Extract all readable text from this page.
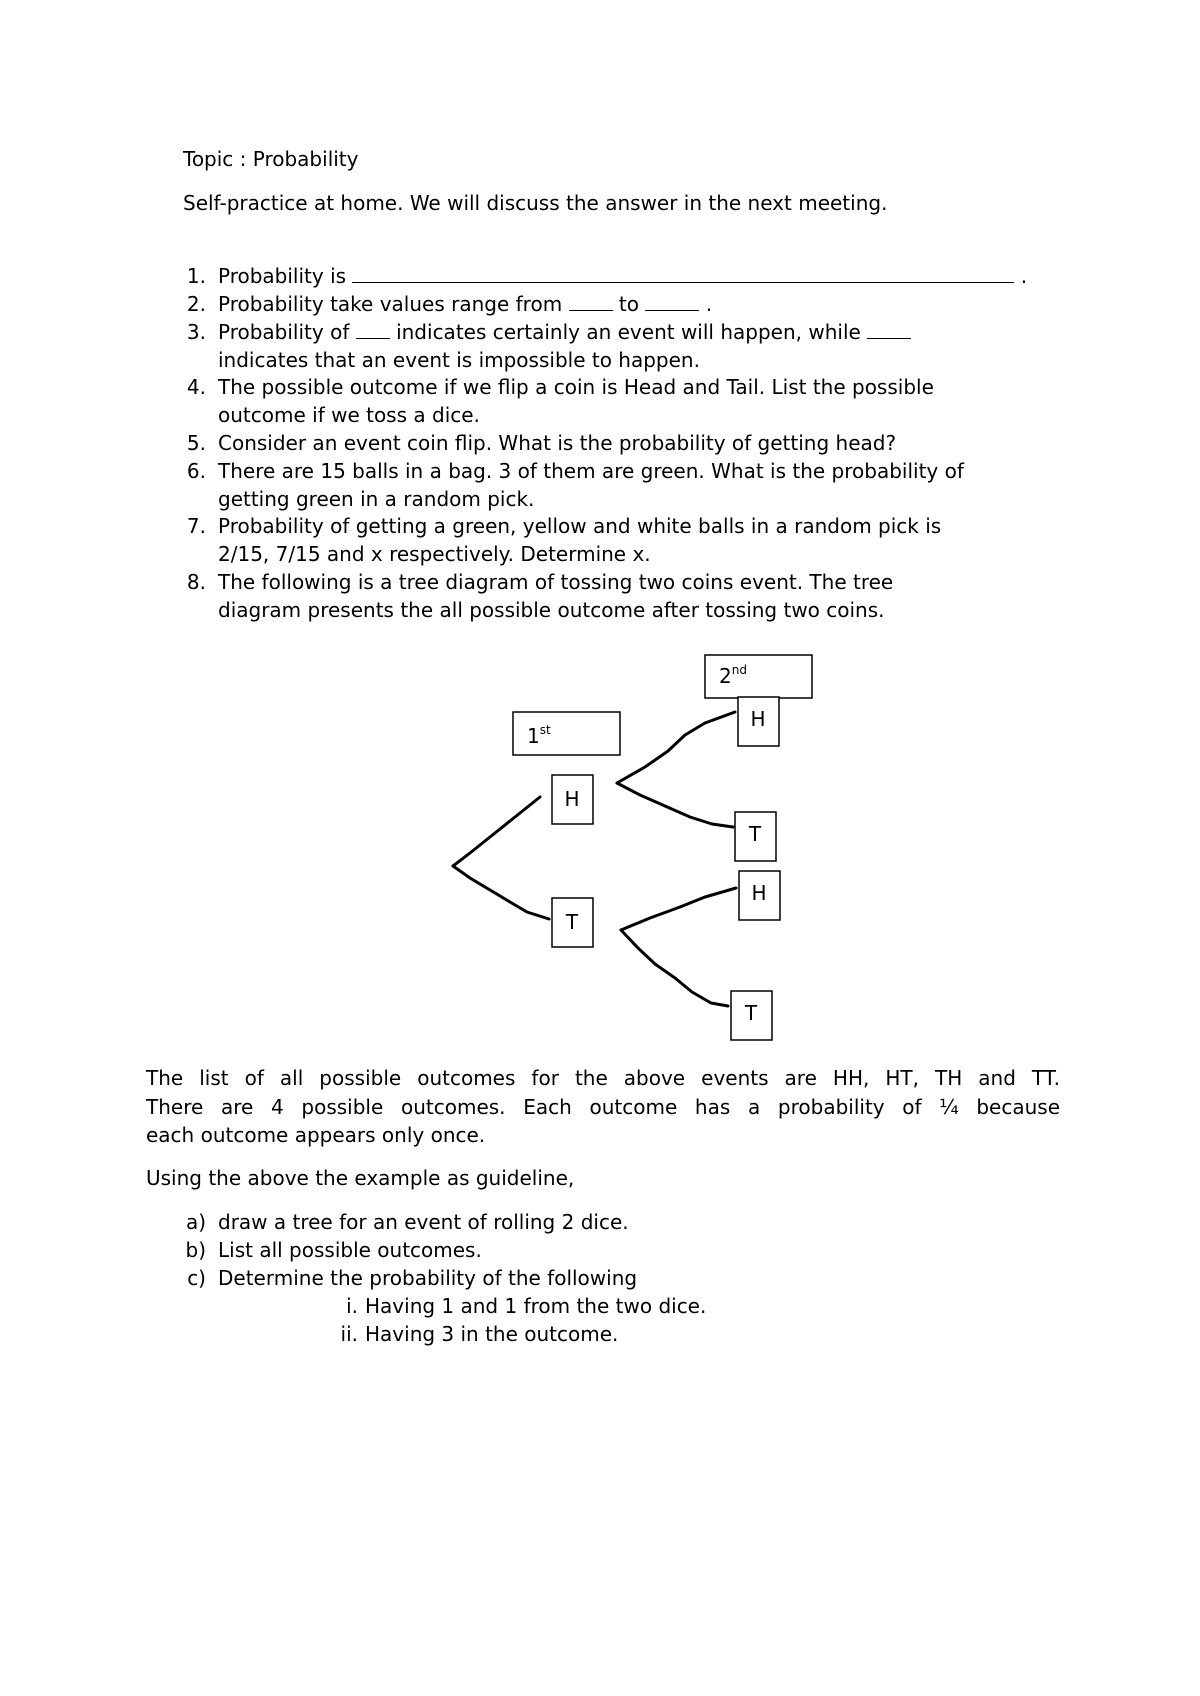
Topic : Probability
Self-practice at home. We will discuss the answer in the next meeting.
1. Probability is	.
2. Probability take values range from	to	.
3. Probability of indicates certainly an event will happen, while
indicates that an event is impossible to happen.
4. The possible outcome if we flip a coin is Head and Tail. List the possible
outcome if we toss a dice.
5. Consider an event coin flip. What is the probability of getting head?
6. There are 15 balls in a bag. 3 of them are green. What is the probability of
getting green in a random pick.
7. Probability of getting a green, yellow and white balls in a random pick is
2/15, 7/15 and x respectively. Determine x.
8. The following is a tree diagram of tossing two coins event. The tree
diagram presents the all possible outcome after tossing two coins.
1st
2nd
H
T
H
T
H
T
The list of all possible outcomes for the above events are HH, HT, TH and TT.
There are 4 possible outcomes. Each outcome has a probability of ¼ because
each outcome appears only once.
Using the above the example as guideline,
a) draw a tree for an event of rolling 2 dice.
b) List all possible outcomes.
c) Determine the probability of the following
i. Having 1 and 1 from the two dice.
ii. Having 3 in the outcome.
